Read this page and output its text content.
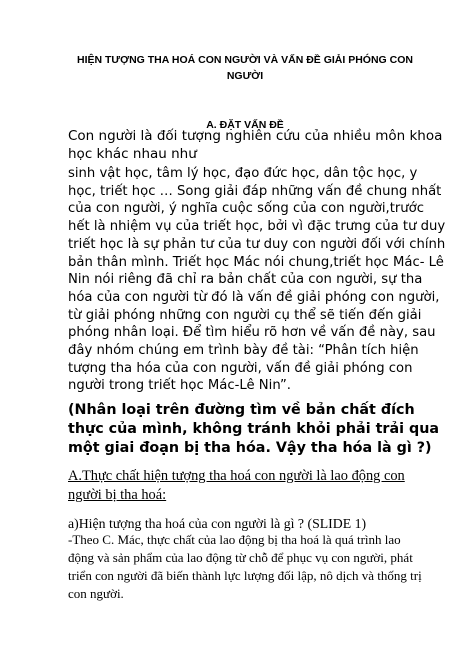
HIỆN TƯỢNG THA HOÁ CON NGƯỜI VÀ VẤN ĐỀ GIẢI PHÓNG CON NGƯỜI
A. ĐẶT VẤN ĐỀ

Con người là đối tượng nghiên cứu của nhiều môn khoa học khác nhau như

sinh vật học, tâm lý học, đạo đức học, dân tộc học, y học, triết học … Song giải đáp những vấn đề chung nhất của con người, ý nghĩa cuộc sống của con người,trước hết là nhiệm vụ của triết học, bởi vì đặc trưng của tư duy triết học là sự phản tư của tư duy con người đối với chính bản thân mình. Triết học Mác nói chung,triết học Mác- Lê Nin nói riêng đã chỉ ra bản chất của con người, sự tha hóa của con người từ đó là vấn đề giải phóng con người, từ giải phóng những con người cụ thể sẽ tiến đến giải phóng nhân loại. Để tìm hiểu rõ hơn về vấn đề này, sau đây nhóm chúng em trình bày đề tài: “Phân tích hiện tượng tha hóa của con người, vấn đề giải phóng con người trong triết học Mác-Lê Nin”.

(Nhân loại trên đường tìm về bản chất đích thực của mình, không tránh khỏi phải trải qua một giai đoạn bị tha hóa. Vậy tha hóa là gì ?)

A.Thực chất hiện tượng tha hoá con người là lao động con người bị tha hoá:

a)Hiện tượng tha hoá của con người là gì ? (SLIDE 1)

-Theo C. Mác, thực chất của lao động bị tha hoá là quá trình lao động và sản phẩm của lao động từ chỗ để phục vụ con người, phát triển con người đã biến thành lực lượng đối lập, nô dịch và thống trị con người.
